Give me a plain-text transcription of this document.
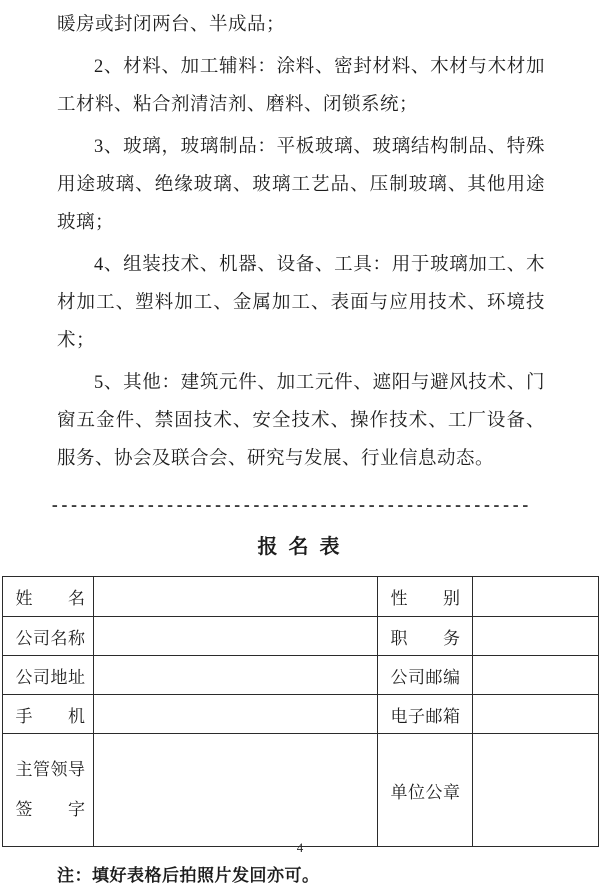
暖房或封闭两台、半成品；

2、材料、加工辅料：涂料、密封材料、木材与木材加工材料、粘合剂清洁剂、磨料、闭锁系统；

3、玻璃，玻璃制品：平板玻璃、玻璃结构制品、特殊用途玻璃、绝缘玻璃、玻璃工艺品、压制玻璃、其他用途玻璃；

4、组装技术、机器、设备、工具：用于玻璃加工、木材加工、塑料加工、金属加工、表面与应用技术、环境技术；

5、其他：建筑元件、加工元件、遮阳与避风技术、门窗五金件、禁固技术、安全技术、操作技术、工厂设备、服务、协会及联合会、研究与发展、行业信息动态。

--------------------------------------------------
报 名 表
姓　　名		性　　别	
公司名称		职　　务	
公司地址		公司邮编	
手　　机		电子邮箱	

主管领导
签　　字		单位公章	

注：填好表格后拍照片发回亦可。

4
